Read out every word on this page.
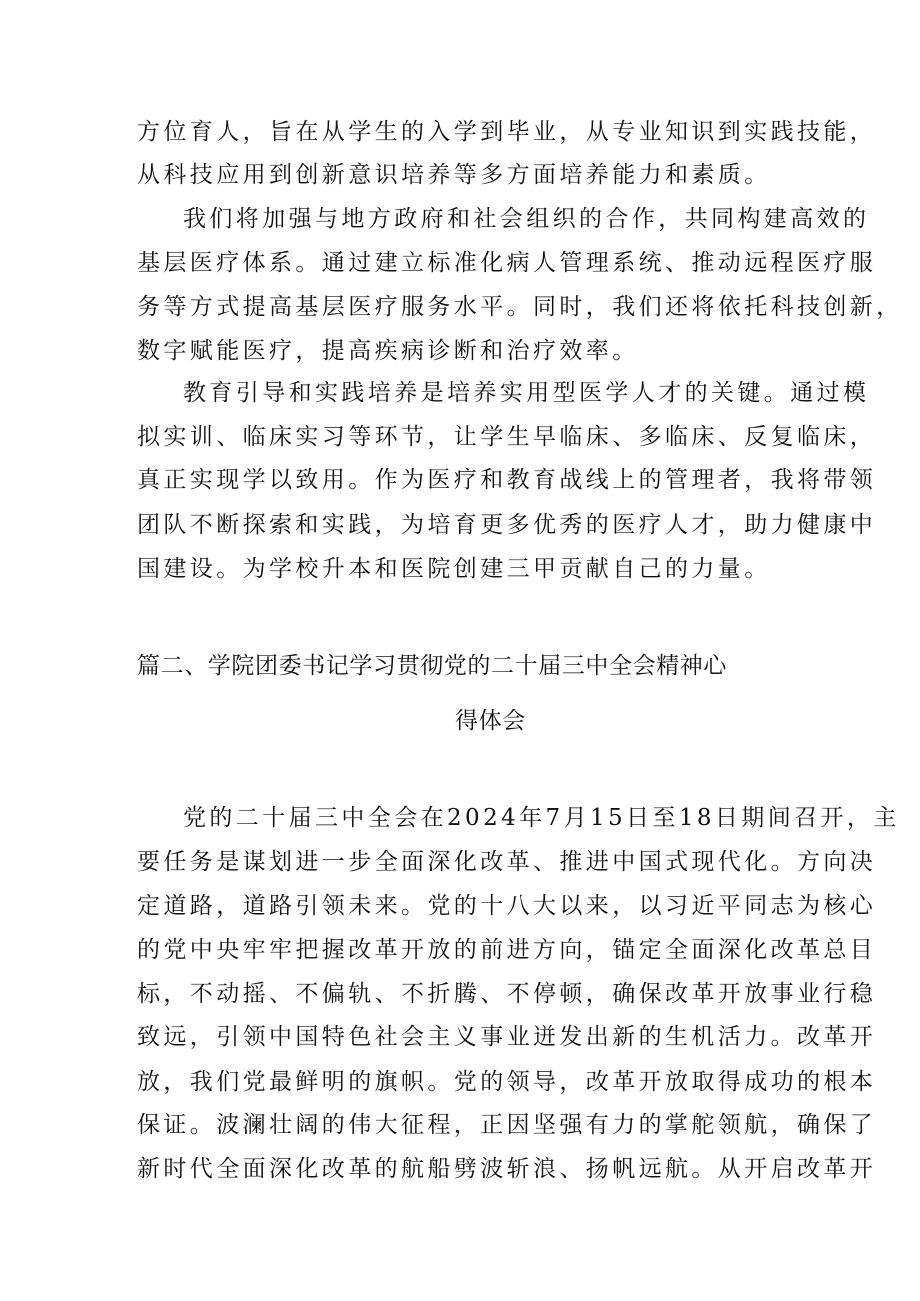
方位育人，旨在从学生的入学到毕业，从专业知识到实践技能，
从科技应用到创新意识培养等多方面培养能力和素质。
我们将加强与地方政府和社会组织的合作，共同构建高效的
基层医疗体系。通过建立标准化病人管理系统、推动远程医疗服
务等方式提高基层医疗服务水平。同时，我们还将依托科技创新，
数字赋能医疗，提高疾病诊断和治疗效率。
教育引导和实践培养是培养实用型医学人才的关键。通过模
拟实训、临床实习等环节，让学生早临床、多临床、反复临床，
真正实现学以致用。作为医疗和教育战线上的管理者，我将带领
团队不断探索和实践，为培育更多优秀的医疗人才，助力健康中
国建设。为学校升本和医院创建三甲贡献自己的力量。
篇二、学院团委书记学习贯彻党的二十届三中全会精神心
得体会
党的二十届三中全会在2024年7月15日至18日期间召开，主
要任务是谋划进一步全面深化改革、推进中国式现代化。方向决
定道路，道路引领未来。党的十八大以来，以习近平同志为核心
的党中央牢牢把握改革开放的前进方向，锚定全面深化改革总目
标，不动摇、不偏轨、不折腾、不停顿，确保改革开放事业行稳
致远，引领中国特色社会主义事业迸发出新的生机活力。改革开
放，我们党最鲜明的旗帜。党的领导，改革开放取得成功的根本
保证。波澜壮阔的伟大征程，正因坚强有力的掌舵领航，确保了
新时代全面深化改革的航船劈波斩浪、扬帆远航。从开启改革开
